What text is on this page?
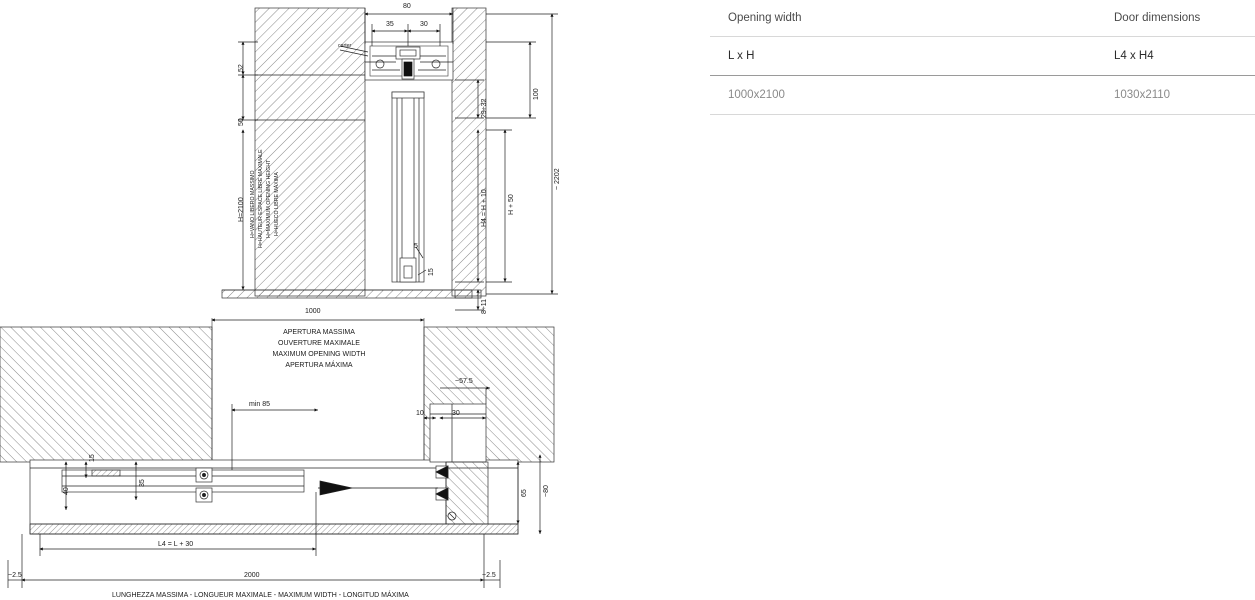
80
35	30
carter
52
50
H=2100 H=VANO LIBERO MASSIMO H=HAUTEUR ESPACE LIBRE MAXIMALE H=MAXIMUM OPENING HEIGHT H=HUECO LIBRE MÁXIMA
29÷32
100
~ 2202
H4 = H + 10	H + 50
5
15
8÷11
1000
APERTURA MASSIMA
OUVERTURE MAXIMALE
MAXIMUM OPENING WIDTH
APERTURA MÁXIMA
min 85
~57.5
10	30
15
40
35
65 ~80
L4 = L + 30
2000
~2.5	~2.5
LUNGHEZZA MASSIMA - LONGUEUR MAXIMALE - MAXIMUM WIDTH - LONGITUD MÁXIMA
Opening width	Door dimensions
L x H	L4 x H4
1000x2100	1030x2110
